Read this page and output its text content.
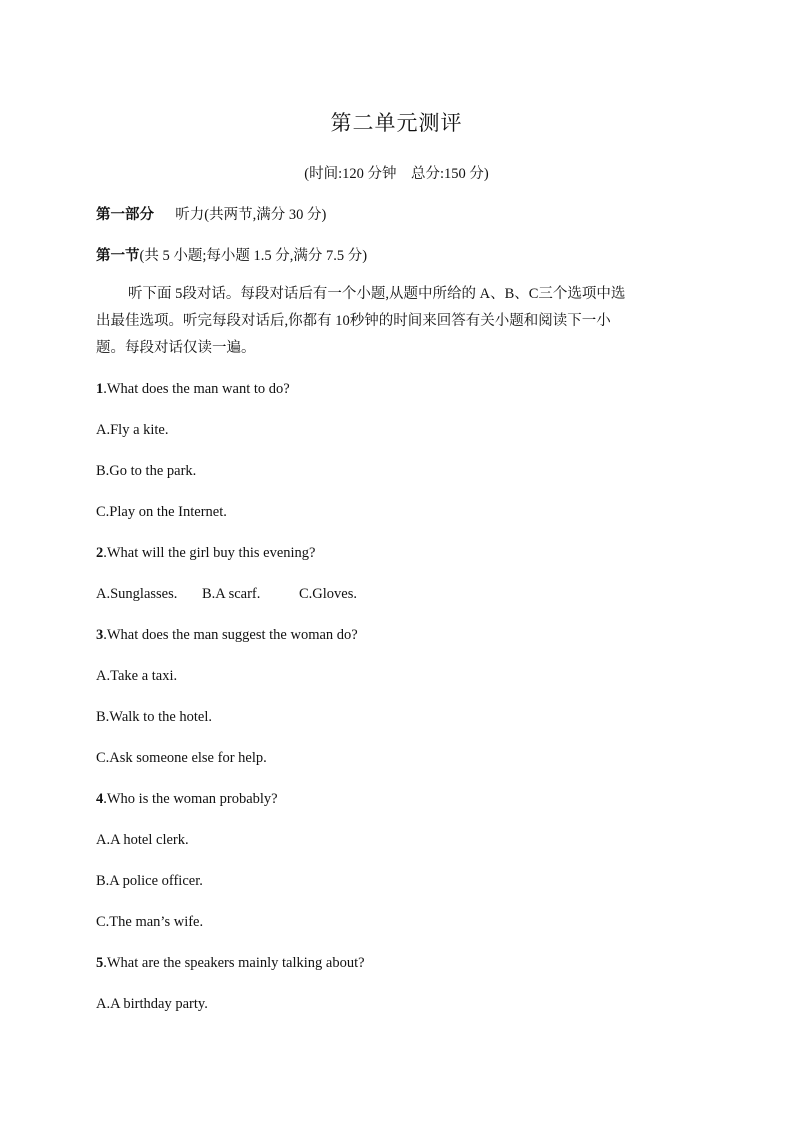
第二单元测评
(时间:120 分钟　总分:150 分)
第一部分 听力(共两节,满分 30 分)
第一节(共 5 小题;每小题 1.5 分,满分 7.5 分)
听下面 5段对话。每段对话后有一个小题,从题中所给的 A、B、C三个选项中选
出最佳选项。听完每段对话后,你都有 10秒钟的时间来回答有关小题和阅读下一小
题。每段对话仅读一遍。
1.What does the man want to do?
A.Fly a kite.
B.Go to the park.
C.Play on the Internet.
2.What will the girl buy this evening?
A.Sunglasses. B.A scarf.	C.Gloves.
3.What does the man suggest the woman do?
A.Take a taxi.
B.Walk to the hotel.
C.Ask someone else for help.
4.Who is the woman probably?
A.A hotel clerk.
B.A police officer.
C.The man’s wife.
5.What are the speakers mainly talking about?
A.A birthday party.
